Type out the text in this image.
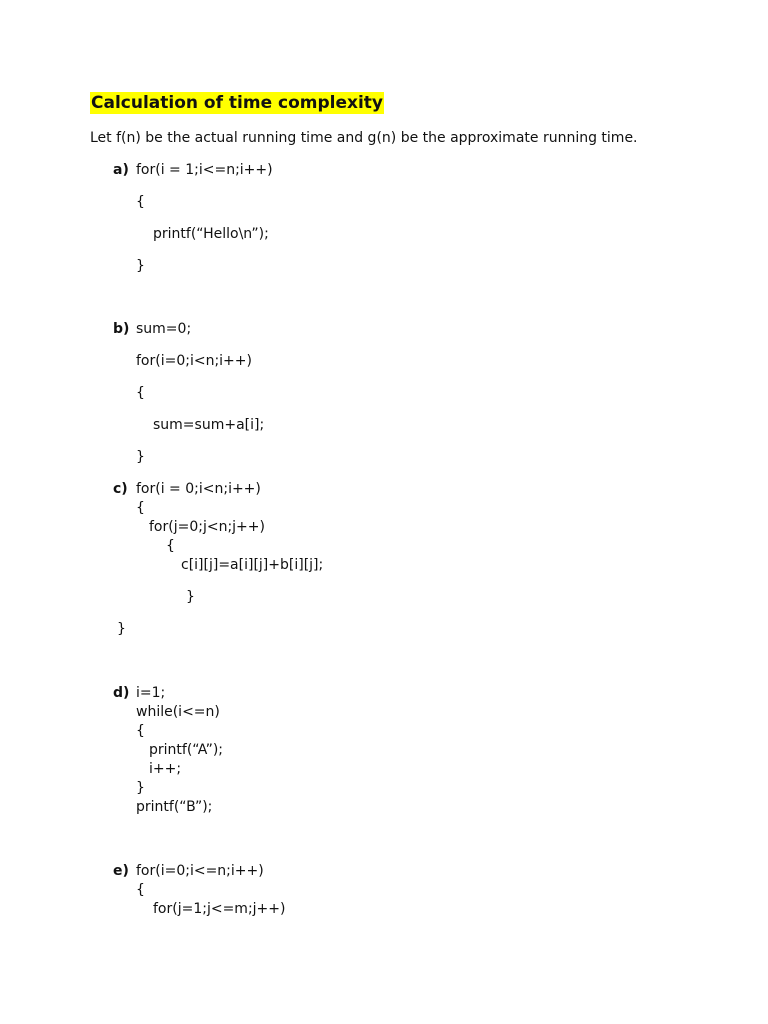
Calculation of time complexity
Let f(n) be the actual running time and g(n) be the approximate running time.
a) for(i = 1;i<=n;i++)
{
printf(“Hello\n”);
}
b) sum=0;
for(i=0;i<n;i++)
{
sum=sum+a[i];
}
c) for(i = 0;i<n;i++)
{
for(j=0;j<n;j++)
{
c[i][j]=a[i][j]+b[i][j];
}
}
d) i=1;
while(i<=n)
{
printf(“A”);
i++;
}
printf(“B”);
e) for(i=0;i<=n;i++)
{
for(j=1;j<=m;j++)
